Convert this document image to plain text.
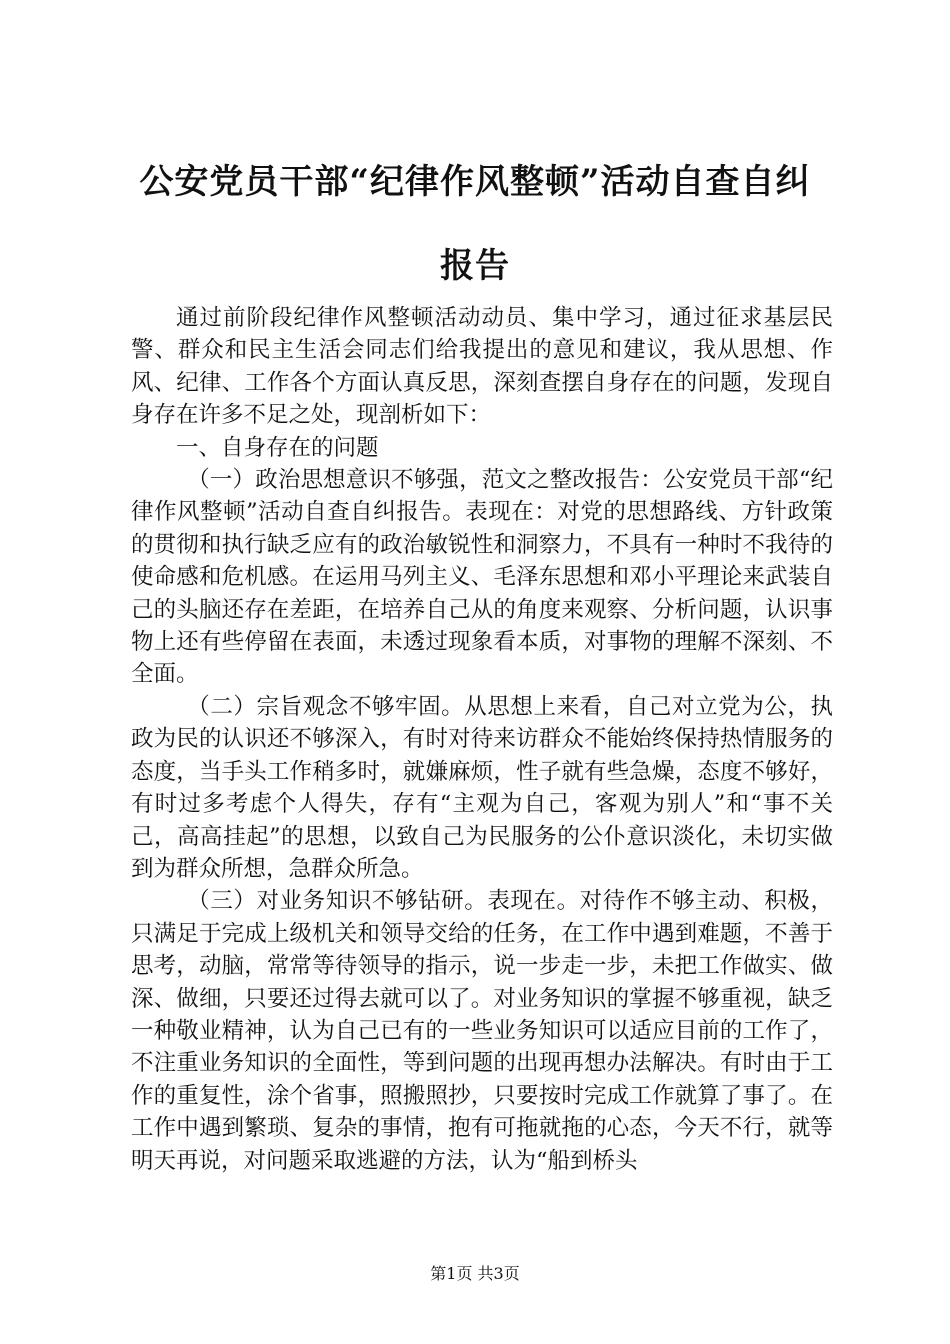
公安党员干部“纪律作风整顿”活动自查自纠
报告

通过前阶段纪律作风整顿活动动员、集中学习，通过征求基层民警、群众和民主生活会同志们给我提出的意见和建议，我从思想、作风、纪律、工作各个方面认真反思，深刻查摆自身存在的问题，发现自身存在许多不足之处，现剖析如下：

一、自身存在的问题

（一）政治思想意识不够强，范文之整改报告：公安党员干部“纪律作风整顿”活动自查自纠报告。表现在：对党的思想路线、方针政策的贯彻和执行缺乏应有的政治敏锐性和洞察力，不具有一种时不我待的使命感和危机感。在运用马列主义、毛泽东思想和邓小平理论来武装自己的头脑还存在差距，在培养自己从的角度来观察、分析问题，认识事物上还有些停留在表面，未透过现象看本质，对事物的理解不深刻、不全面。

（二）宗旨观念不够牢固。从思想上来看，自己对立党为公，执政为民的认识还不够深入，有时对待来访群众不能始终保持热情服务的态度，当手头工作稍多时，就嫌麻烦，性子就有些急燥，态度不够好，有时过多考虑个人得失，存有“主观为自己，客观为别人”和“事不关己，高高挂起”的思想，以致自己为民服务的公仆意识淡化，未切实做到为群众所想，急群众所急。

（三）对业务知识不够钻研。表现在。对待作不够主动、积极，只满足于完成上级机关和领导交给的任务，在工作中遇到难题，不善于思考，动脑，常常等待领导的指示，说一步走一步，未把工作做实、做深、做细，只要还过得去就可以了。对业务知识的掌握不够重视，缺乏一种敬业精神，认为自己已有的一些业务知识可以适应目前的工作了，不注重业务知识的全面性，等到问题的出现再想办法解决。有时由于工作的重复性，涂个省事，照搬照抄，只要按时完成工作就算了事了。在工作中遇到繁琐、复杂的事情，抱有可拖就拖的心态，今天不行，就等明天再说，对问题采取逃避的方法，认为“船到桥头

第1页 共3页
